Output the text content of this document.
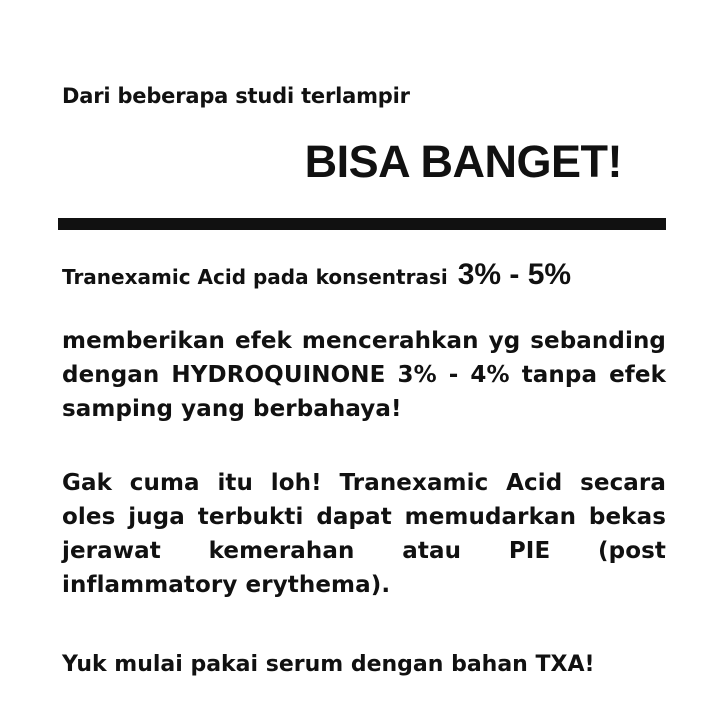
Dari beberapa studi terlampir
BISA BANGET!
Tranexamic Acid pada konsentrasi 3% - 5%
memberikan efek mencerahkan yg sebanding dengan HYDROQUINONE 3% - 4% tanpa efek samping yang berbahaya!
Gak cuma itu loh! Tranexamic Acid secara oles juga terbukti dapat memudarkan bekas jerawat kemerahan atau PIE (post inflammatory erythema).
Yuk mulai pakai serum dengan bahan TXA!
